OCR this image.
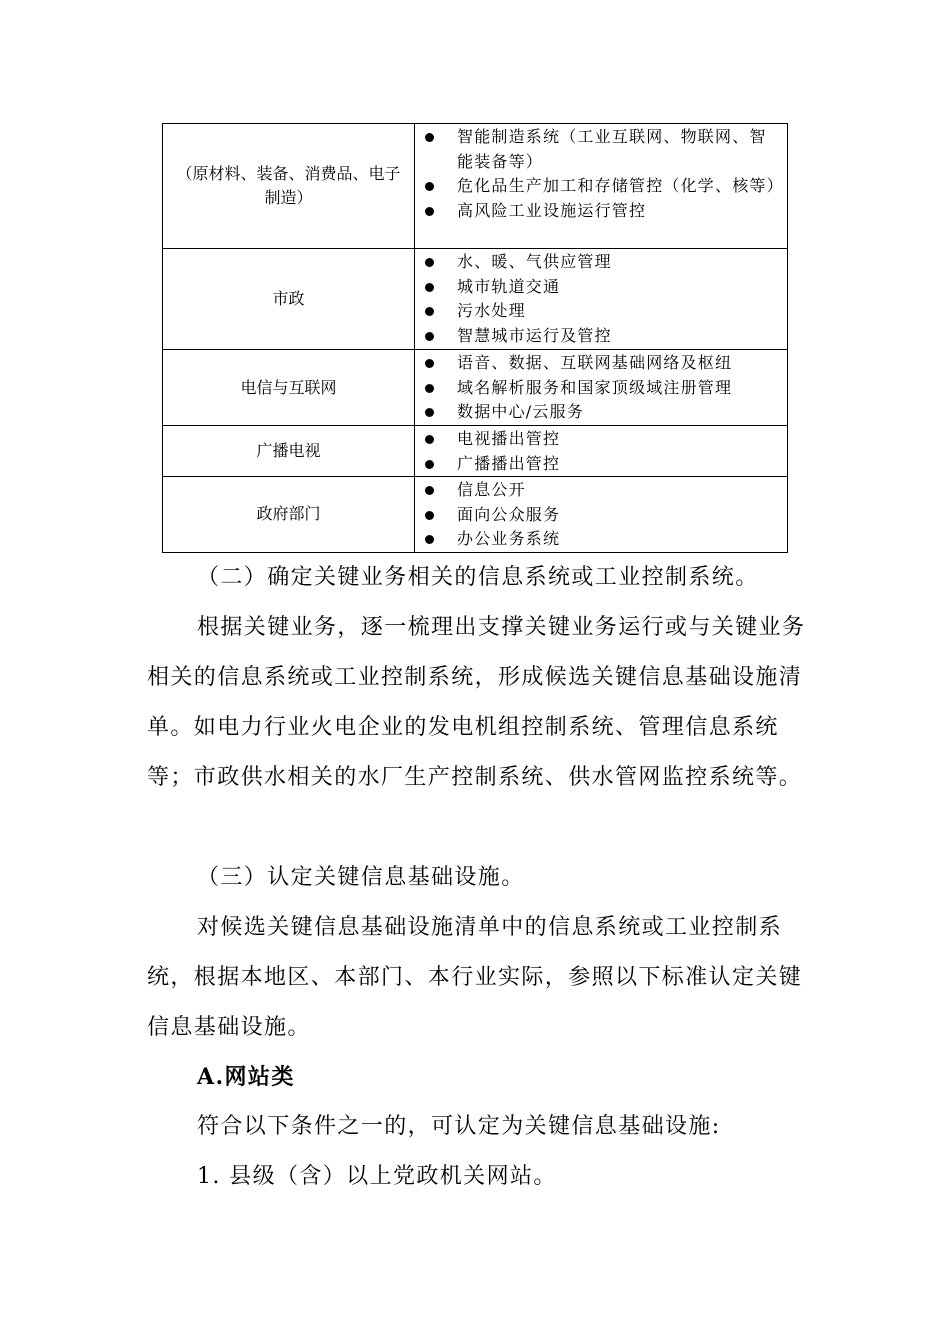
（原材料、装备、消费品、电子制造）	智能制造系统（工业互联网、物联网、智能装备等）
危化品生产加工和存储管控（化学、核等）
高风险工业设施运行管控

市政	水、暖、气供应管理
城市轨道交通
污水处理
智慧城市运行及管控

电信与互联网	语音、数据、互联网基础网络及枢纽
域名解析服务和国家顶级域注册管理
数据中心/云服务

广播电视	电视播出管控
广播播出管控

政府部门	信息公开
面向公众服务
办公业务系统

（二）确定关键业务相关的信息系统或工业控制系统。

根据关键业务，逐一梳理出支撑关键业务运行或与关键业务相关的信息系统或工业控制系统，形成候选关键信息基础设施清单。如电力行业火电企业的发电机组控制系统、管理信息系统等；市政供水相关的水厂生产控制系统、供水管网监控系统等。

（三）认定关键信息基础设施。

对候选关键信息基础设施清单中的信息系统或工业控制系统，根据本地区、本部门、本行业实际，参照以下标准认定关键信息基础设施。

A.网站类

符合以下条件之一的，可认定为关键信息基础设施:

1. 县级（含）以上党政机关网站。
